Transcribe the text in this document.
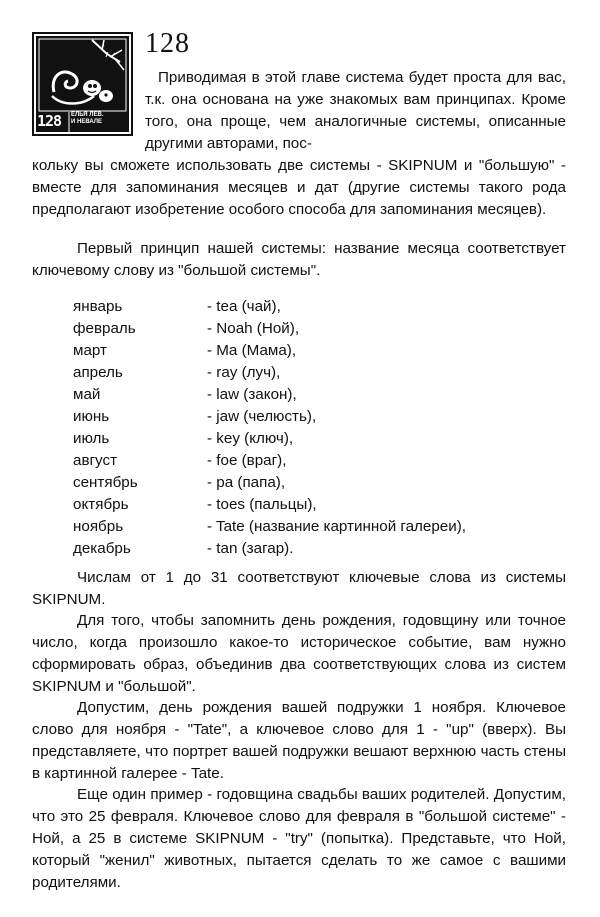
128 ЕЛЬЯ ЛЕВ.
И НЕВАЛЕ
128

Приводимая в этой главе система будет проста для вас, т.к. она основана на уже знакомых вам принципах. Кроме того, она проще, чем аналогичные системы, описанные другими авторами, пос-

кольку вы сможете использовать две системы - SKIPNUM и "большую" - вместе для запоминания месяцев и дат (другие системы такого рода предполагают изобретение особого способа для запоминания месяцев).

Первый принцип нашей системы: название месяца соответствует ключевому слову из "большой системы".

январь	- tea (чай),
февраль	- Noah (Ной),
март	- Ma (Мама),
апрель	- ray (луч),
май	- law (закон),
июнь	- jaw (челюсть),
июль	- key (ключ),
август	- foe (враг),
сентябрь	- pa (папа),
октябрь	- toes (пальцы),
ноябрь	- Tate (название картинной галереи),
декабрь	- tan (загар).

Числам от 1 до 31 соответствуют ключевые слова из системы SKIPNUM.

Для того, чтобы запомнить день рождения, годовщину или точное число, когда произошло какое-то историческое событие, вам нужно сформировать образ, объединив два соответствующих слова из систем SKIPNUM и "большой".

Допустим, день рождения вашей подружки 1 ноября. Ключевое слово для ноября - "Tate", а ключевое слово для 1 - "up" (вверх). Вы представляете, что портрет вашей подружки вешают верхнюю часть стены в картинной галерее - Tate.

Еще один пример - годовщина свадьбы ваших родителей. Допустим, что это 25 февраля. Ключевое слово для февраля в "большой системе" - Ной, а 25 в системе SKIPNUM - "try" (попытка). Представьте, что Ной, который "женил" животных, пытается сделать то же самое с вашими родителями.
